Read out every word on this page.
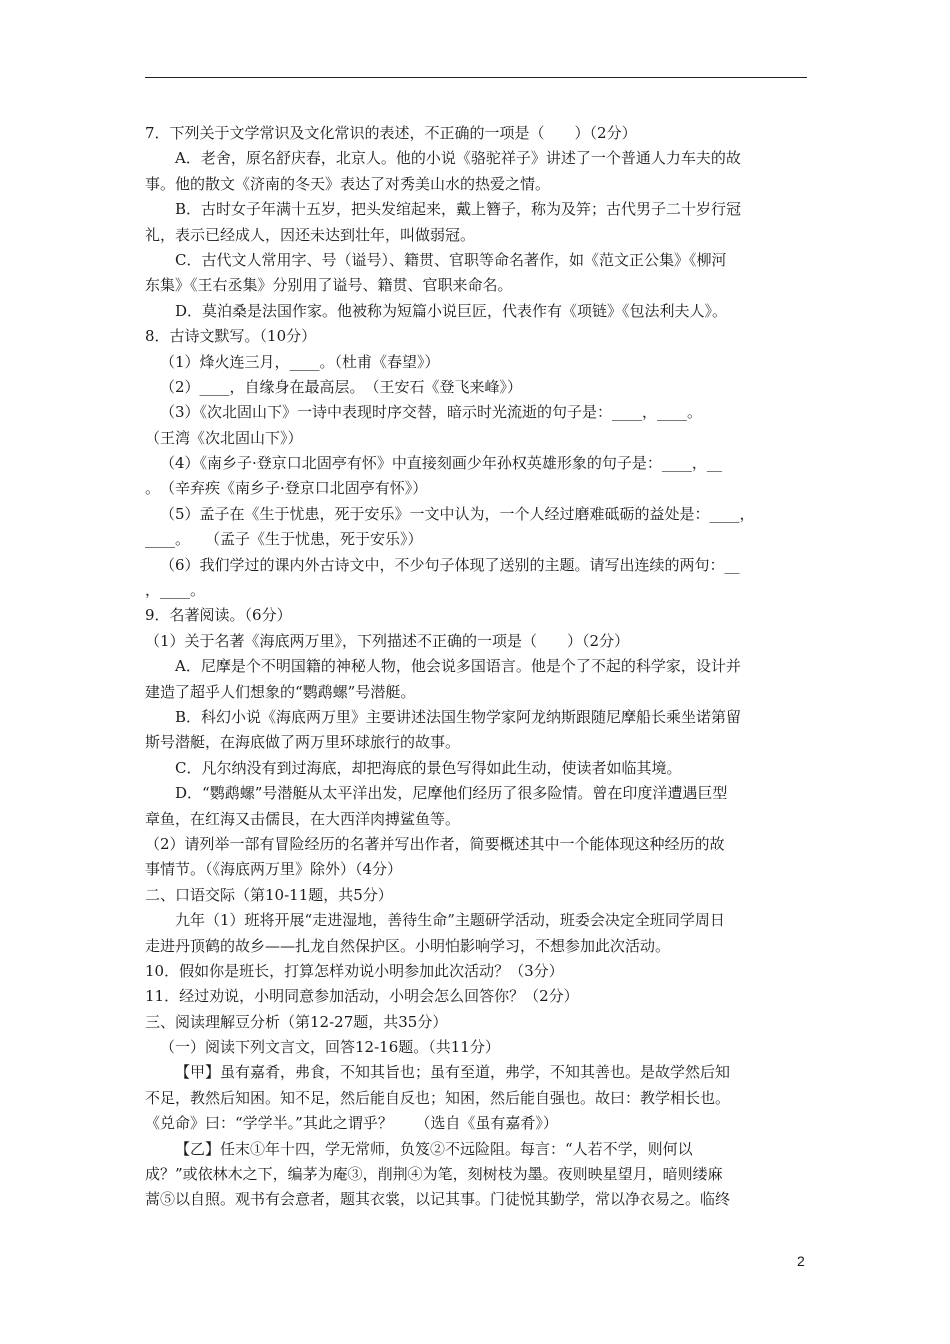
7．下列关于文学常识及文化常识的表述，不正确的一项是（　　）（2分）
A．老舍，原名舒庆春，北京人。他的小说《骆驼祥子》讲述了一个普通人力车夫的故
事。他的散文《济南的冬天》表达了对秀美山水的热爱之情。
B．古时女子年满十五岁，把头发绾起来，戴上簪子，称为及笄；古代男子二十岁行冠
礼，表示已经成人，因还未达到壮年，叫做弱冠。
C．古代文人常用字、号（谥号）、籍贯、官职等命名著作，如《范文正公集》《柳河
东集》《王右丞集》分别用了谥号、籍贯、官职来命名。
D．莫泊桑是法国作家。他被称为短篇小说巨匠，代表作有《项链》《包法利夫人》。
8．古诗文默写。（10分）
（1）烽火连三月，____。（杜甫《春望》）
（2）____，自缘身在最高层。　（王安石《登飞来峰》）
（3）《次北固山下》一诗中表现时序交替，暗示时光流逝的句子是：____，____。
（王湾《次北固山下》）
（4）《南乡子·登京口北固亭有怀》中直接刻画少年孙权英雄形象的句子是：____，__
。　（辛弃疾《南乡子·登京口北固亭有怀》）
（5）孟子在《生于忧患，死于安乐》一文中认为，一个人经过磨难砥砺的益处是：____，
____。　　（孟子《生于忧患，死于安乐》）
（6）我们学过的课内外古诗文中，不少句子体现了送别的主题。请写出连续的两句：__
，____。
9．名著阅读。（6分）
（1）关于名著《海底两万里》，下列描述不正确的一项是（　　）（2分）
A．尼摩是个不明国籍的神秘人物，他会说多国语言。他是个了不起的科学家，设计并
建造了超乎人们想象的“鹦鹉螺”号潜艇。
B．科幻小说《海底两万里》主要讲述法国生物学家阿龙纳斯跟随尼摩船长乘坐诺第留
斯号潜艇，在海底做了两万里环球旅行的故事。
C．凡尔纳没有到过海底，却把海底的景色写得如此生动，使读者如临其境。
D．“鹦鹉螺”号潜艇从太平洋出发，尼摩他们经历了很多险情。曾在印度洋遭遇巨型
章鱼，在红海又击儒艮，在大西洋肉搏鲨鱼等。
（2）请列举一部有冒险经历的名著并写出作者，简要概述其中一个能体现这种经历的故
事情节。（《海底两万里》除外）（4分）
二、口语交际（第10-11题，共5分）
九年（1）班将开展“走进湿地，善待生命”主题研学活动，班委会决定全班同学周日
走进丹顶鹤的故乡——扎龙自然保护区。小明怕影响学习，不想参加此次活动。
10．假如你是班长，打算怎样劝说小明参加此次活动？（3分）
11．经过劝说，小明同意参加活动，小明会怎么回答你？（2分）
三、阅读理解豆分析（第12-27题，共35分）
（一）阅读下列文言文，回答12-16题。（共11分）
【甲】虽有嘉肴，弗食，不知其旨也；虽有至道，弗学，不知其善也。是故学然后知
不足，教然后知困。知不足，然后能自反也；知困，然后能自强也。故曰：教学相长也。
《兑命》曰：“学学半。”其此之谓乎？　　（选自《虽有嘉肴》）
【乙】任末①年十四，学无常师，负笈②不远险阻。每言：“人若不学，则何以
成？”或依林木之下，编茅为庵③，削荆④为笔，刻树枝为墨。夜则映星望月，暗则缕麻
蒿⑤以自照。观书有会意者，题其衣裳，以记其事。门徒悦其勤学，常以净衣易之。临终
2
